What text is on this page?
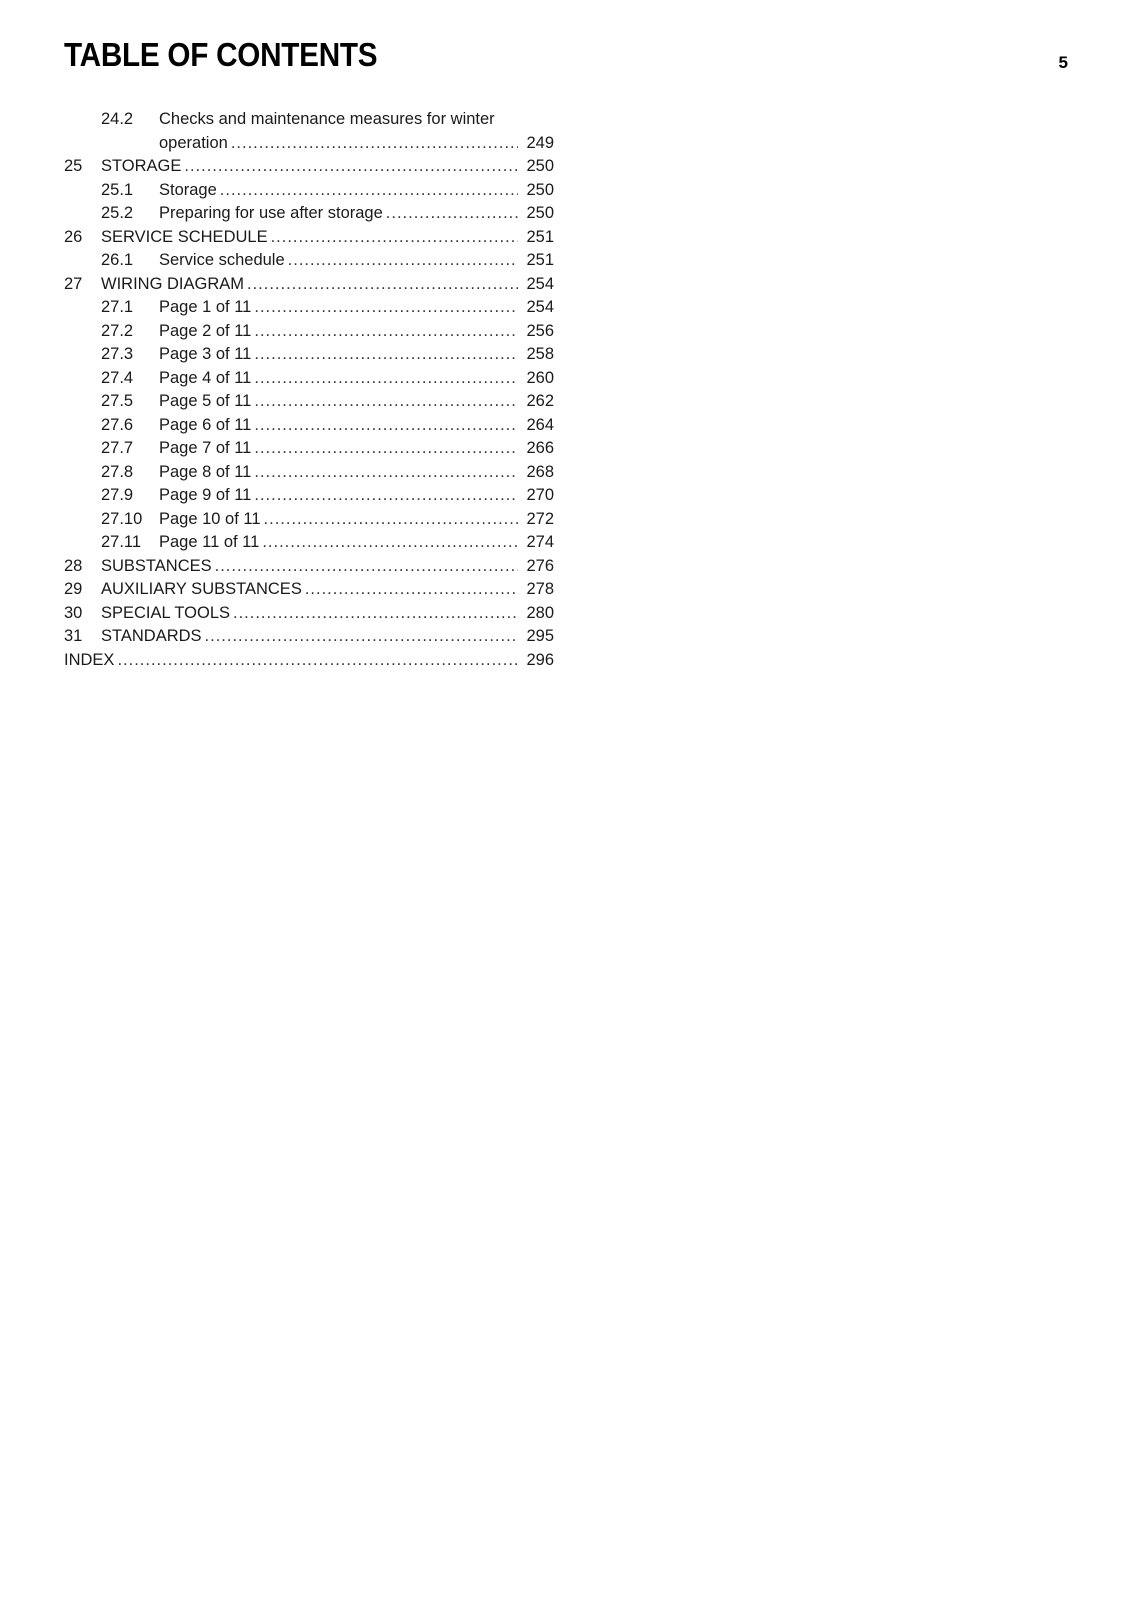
TABLE OF CONTENTS	5
24.2 Checks and maintenance measures for winter
operation .....	249
25	STORAGE .....	250
25.1	Storage .....	250
25.2	Preparing for use after storage .....	250
26	SERVICE SCHEDULE .....	251
26.1	Service schedule .....	251
27	WIRING DIAGRAM .....	254
27.1	Page 1 of 11 .....	254
27.2	Page 2 of 11 .....	256
27.3	Page 3 of 11 .....	258
27.4	Page 4 of 11 .....	260
27.5	Page 5 of 11 .....	262
27.6	Page 6 of 11 .....	264
27.7	Page 7 of 11 .....	266
27.8	Page 8 of 11 .....	268
27.9	Page 9 of 11 .....	270
27.10	Page 10 of 11 .....	272
27.11	Page 11 of 11 .....	274
28	SUBSTANCES .....	276
29	AUXILIARY SUBSTANCES .....	278
30	SPECIAL TOOLS .....	280
31	STANDARDS .....	295
INDEX .....	296
